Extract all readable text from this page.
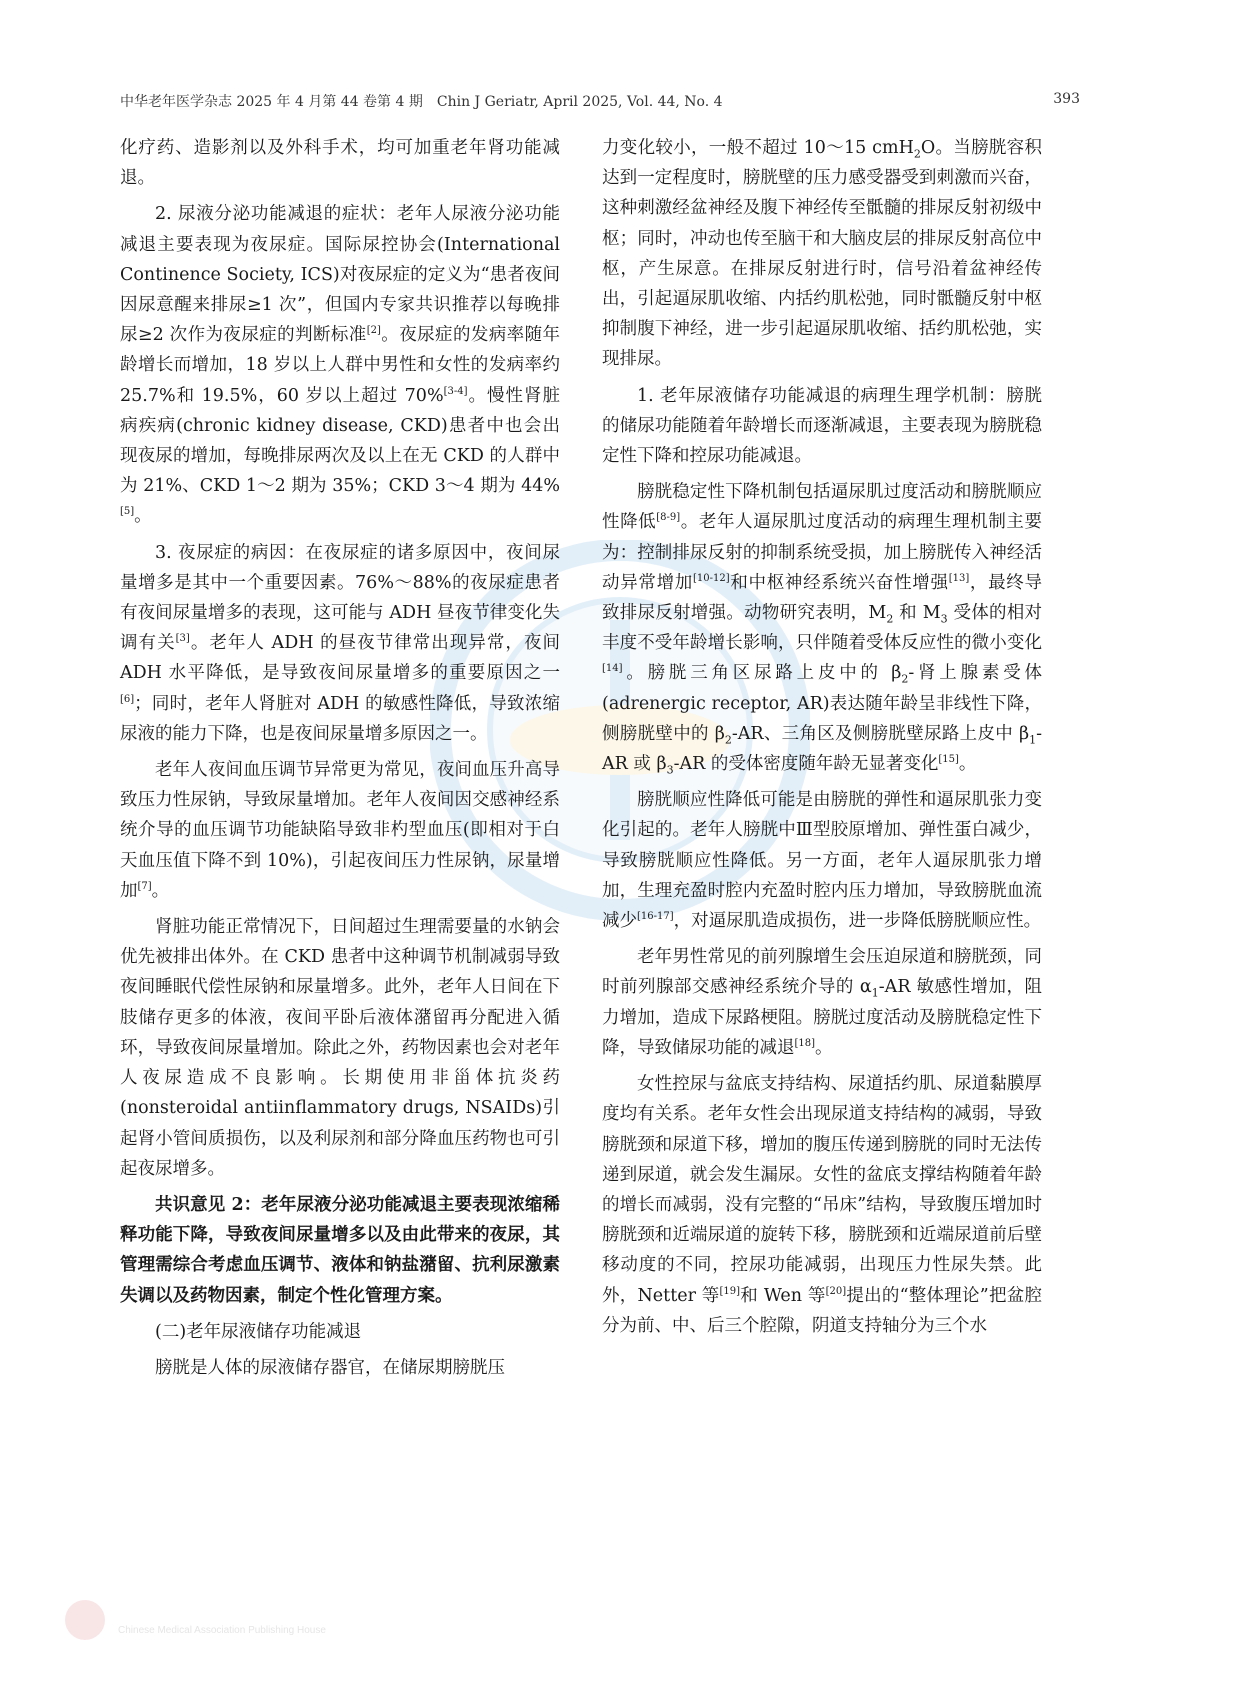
中华老年医学杂志 2025 年 4 月第 44 卷第 4 期　Chin J Geriatr, April 2025, Vol. 44, No. 4	393

化疗药、造影剂以及外科手术，均可加重老年肾功能减退。

2. 尿液分泌功能减退的症状：老年人尿液分泌功能减退主要表现为夜尿症。国际尿控协会(International Continence Society, ICS)对夜尿症的定义为“患者夜间因尿意醒来排尿≥1 次”，但国内专家共识推荐以每晚排尿≥2 次作为夜尿症的判断标准[2]。夜尿症的发病率随年龄增长而增加，18 岁以上人群中男性和女性的发病率约 25.7%和 19.5%，60 岁以上超过 70%[3-4]。慢性肾脏病疾病(chronic kidney disease, CKD)患者中也会出现夜尿的增加，每晚排尿两次及以上在无 CKD 的人群中为 21%、CKD 1～2 期为 35%；CKD 3～4 期为 44%[5]。

3. 夜尿症的病因：在夜尿症的诸多原因中，夜间尿量增多是其中一个重要因素。76%～88%的夜尿症患者有夜间尿量增多的表现，这可能与 ADH 昼夜节律变化失调有关[3]。老年人 ADH 的昼夜节律常出现异常，夜间 ADH 水平降低，是导致夜间尿量增多的重要原因之一[6]；同时，老年人肾脏对 ADH 的敏感性降低，导致浓缩尿液的能力下降，也是夜间尿量增多原因之一。

老年人夜间血压调节异常更为常见，夜间血压升高导致压力性尿钠，导致尿量增加。老年人夜间因交感神经系统介导的血压调节功能缺陷导致非杓型血压(即相对于白天血压值下降不到 10%)，引起夜间压力性尿钠，尿量增加[7]。

肾脏功能正常情况下，日间超过生理需要量的水钠会优先被排出体外。在 CKD 患者中这种调节机制减弱导致夜间睡眠代偿性尿钠和尿量增多。此外，老年人日间在下肢储存更多的体液，夜间平卧后液体潴留再分配进入循环，导致夜间尿量增加。除此之外，药物因素也会对老年人夜尿造成不良影响。长期使用非甾体抗炎药(nonsteroidal antiinflammatory drugs, NSAIDs)引起肾小管间质损伤，以及利尿剂和部分降血压药物也可引起夜尿增多。

共识意见 2：老年尿液分泌功能减退主要表现浓缩稀释功能下降，导致夜间尿量增多以及由此带来的夜尿，其管理需综合考虑血压调节、液体和钠盐潴留、抗利尿激素失调以及药物因素，制定个性化管理方案。

(二)老年尿液储存功能减退

膀胱是人体的尿液储存器官，在储尿期膀胱压

力变化较小，一般不超过 10～15 cmH$_2$O。当膀胱容积达到一定程度时，膀胱壁的压力感受器受到刺激而兴奋，这种刺激经盆神经及腹下神经传至骶髓的排尿反射初级中枢；同时，冲动也传至脑干和大脑皮层的排尿反射高位中枢，产生尿意。在排尿反射进行时，信号沿着盆神经传出，引起逼尿肌收缩、内括约肌松弛，同时骶髓反射中枢抑制腹下神经，进一步引起逼尿肌收缩、括约肌松弛，实现排尿。

1. 老年尿液储存功能减退的病理生理学机制：膀胱的储尿功能随着年龄增长而逐渐减退，主要表现为膀胱稳定性下降和控尿功能减退。

膀胱稳定性下降机制包括逼尿肌过度活动和膀胱顺应性降低[8-9]。老年人逼尿肌过度活动的病理生理机制主要为：控制排尿反射的抑制系统受损，加上膀胱传入神经活动异常增加[10-12]和中枢神经系统兴奋性增强[13]，最终导致排尿反射增强。动物研究表明，$M_2$ 和 $M_3$ 受体的相对丰度不受年龄增长影响，只伴随着受体反应性的微小变化[14]。膀胱三角区尿路上皮中的 $\beta_2-$肾上腺素受体(adrenergic receptor, AR)表达随年龄呈非线性下降，侧膀胱壁中的 $\beta_2-AR$、三角区及侧膀胱壁尿路上皮中 $\beta_1-AR$ 或 $\beta_3-AR$ 的受体密度随年龄无显著变化[15]。

膀胱顺应性降低可能是由膀胱的弹性和逼尿肌张力变化引起的。老年人膀胱中Ⅲ型胶原增加、弹性蛋白减少，导致膀胱顺应性降低。另一方面，老年人逼尿肌张力增加，生理充盈时腔内充盈时腔内压力增加，导致膀胱血流减少[16-17]，对逼尿肌造成损伤，进一步降低膀胱顺应性。

老年男性常见的前列腺增生会压迫尿道和膀胱颈，同时前列腺部交感神经系统介导的 $\alpha_1-AR$ 敏感性增加，阻力增加，造成下尿路梗阻。膀胱过度活动及膀胱稳定性下降，导致储尿功能的减退[18]。

女性控尿与盆底支持结构、尿道括约肌、尿道黏膜厚度均有关系。老年女性会出现尿道支持结构的减弱，导致膀胱颈和尿道下移，增加的腹压传递到膀胱的同时无法传递到尿道，就会发生漏尿。女性的盆底支撑结构随着年龄的增长而减弱，没有完整的“吊床”结构，导致腹压增加时膀胱颈和近端尿道的旋转下移，膀胱颈和近端尿道前后壁移动度的不同，控尿功能减弱，出现压力性尿失禁。此外，Netter 等[19]和 Wen 等[20]提出的“整体理论”把盆腔分为前、中、后三个腔隙，阴道支持轴分为三个水

Chinese Medical Association Publishing House
